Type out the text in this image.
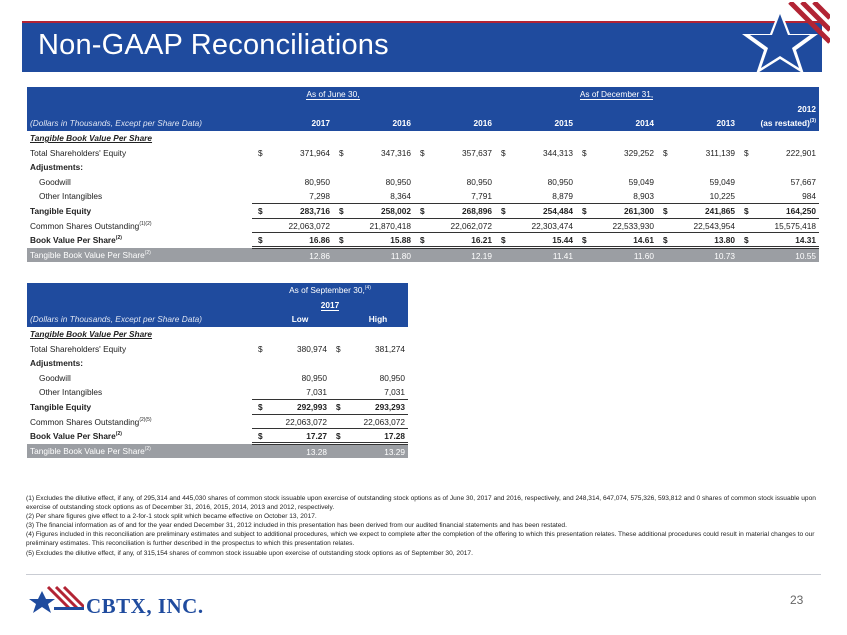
Non-GAAP Reconciliations
	As of June 30,				As of December 31,									
														2012
(Dollars in Thousands, Except per Share Data)		2017		2016		2016		2015		2014		2013		(as restated)$^{(3)}$
Tangible Book Value Per Share														
Total Shareholders' Equity	$	371,964	$	347,316	$	357,637	$	344,313	$	329,252	$	311,139	$	222,901
Adjustments:														
Goodwill		80,950		80,950		80,950		80,950		59,049		59,049		57,667
Other Intangibles		7,298		8,364		7,791		8,879		8,903		10,225		984
Tangible Equity	$	283,716	$	258,002	$	268,896	$	254,484	$	261,300	$	241,865	$	164,250
Common Shares Outstanding$^{(1)(2)}$		22,063,072		21,870,418		22,062,072		22,303,474		22,533,930		22,543,954		15,575,418
Book Value Per Share$^{(2)}$	$	16.86	$	15.88	$	16.21	$	15.44	$	14.61	$	13.80	$	14.31
Tangible Book Value Per Share$^{(2)}$		12.86		11.80		12.19		11.41		11.60		10.73		10.55
	As of September 30,$^{(4)}$
	2017			
(Dollars in Thousands, Except per Share Data)		Low		High
Tangible Book Value Per Share				
Total Shareholders' Equity	$	380,974	$	381,274
Adjustments:				
Goodwill		80,950		80,950
Other Intangibles		7,031		7,031
Tangible Equity	$	292,993	$	293,293
Common Shares Outstanding$^{(2)(5)}$		22,063,072		22,063,072
Book Value Per Share$^{(2)}$	$	17.27	$	17.28
Tangible Book Value Per Share$^{(2)}$		13.28		13.29
(1) Excludes the dilutive effect, if any, of 295,314 and 445,030 shares of common stock issuable upon exercise of outstanding stock options as of June 30, 2017 and 2016, respectively, and 248,314, 647,074, 575,326, 593,812 and 0 shares of common stock issuable upon exercise of outstanding stock options as of December 31, 2016, 2015, 2014, 2013 and 2012, respectively.
(2) Per share figures give effect to a 2-for-1 stock split which became effective on October 13, 2017.
(3) The financial information as of and for the year ended December 31, 2012 included in this presentation has been derived from our audited financial statements and has been restated.
(4) Figures included in this reconciliation are preliminary estimates and subject to additional procedures, which we expect to complete after the completion of the offering to which this presentation relates. These additional procedures could result in material changes to our preliminary estimates. This reconciliation is further described in the prospectus to which this presentation relates.
(5) Excludes the dilutive effect, if any, of 315,154 shares of common stock issuable upon exercise of outstanding stock options as of September 30, 2017.
CBTX, INC.	23
